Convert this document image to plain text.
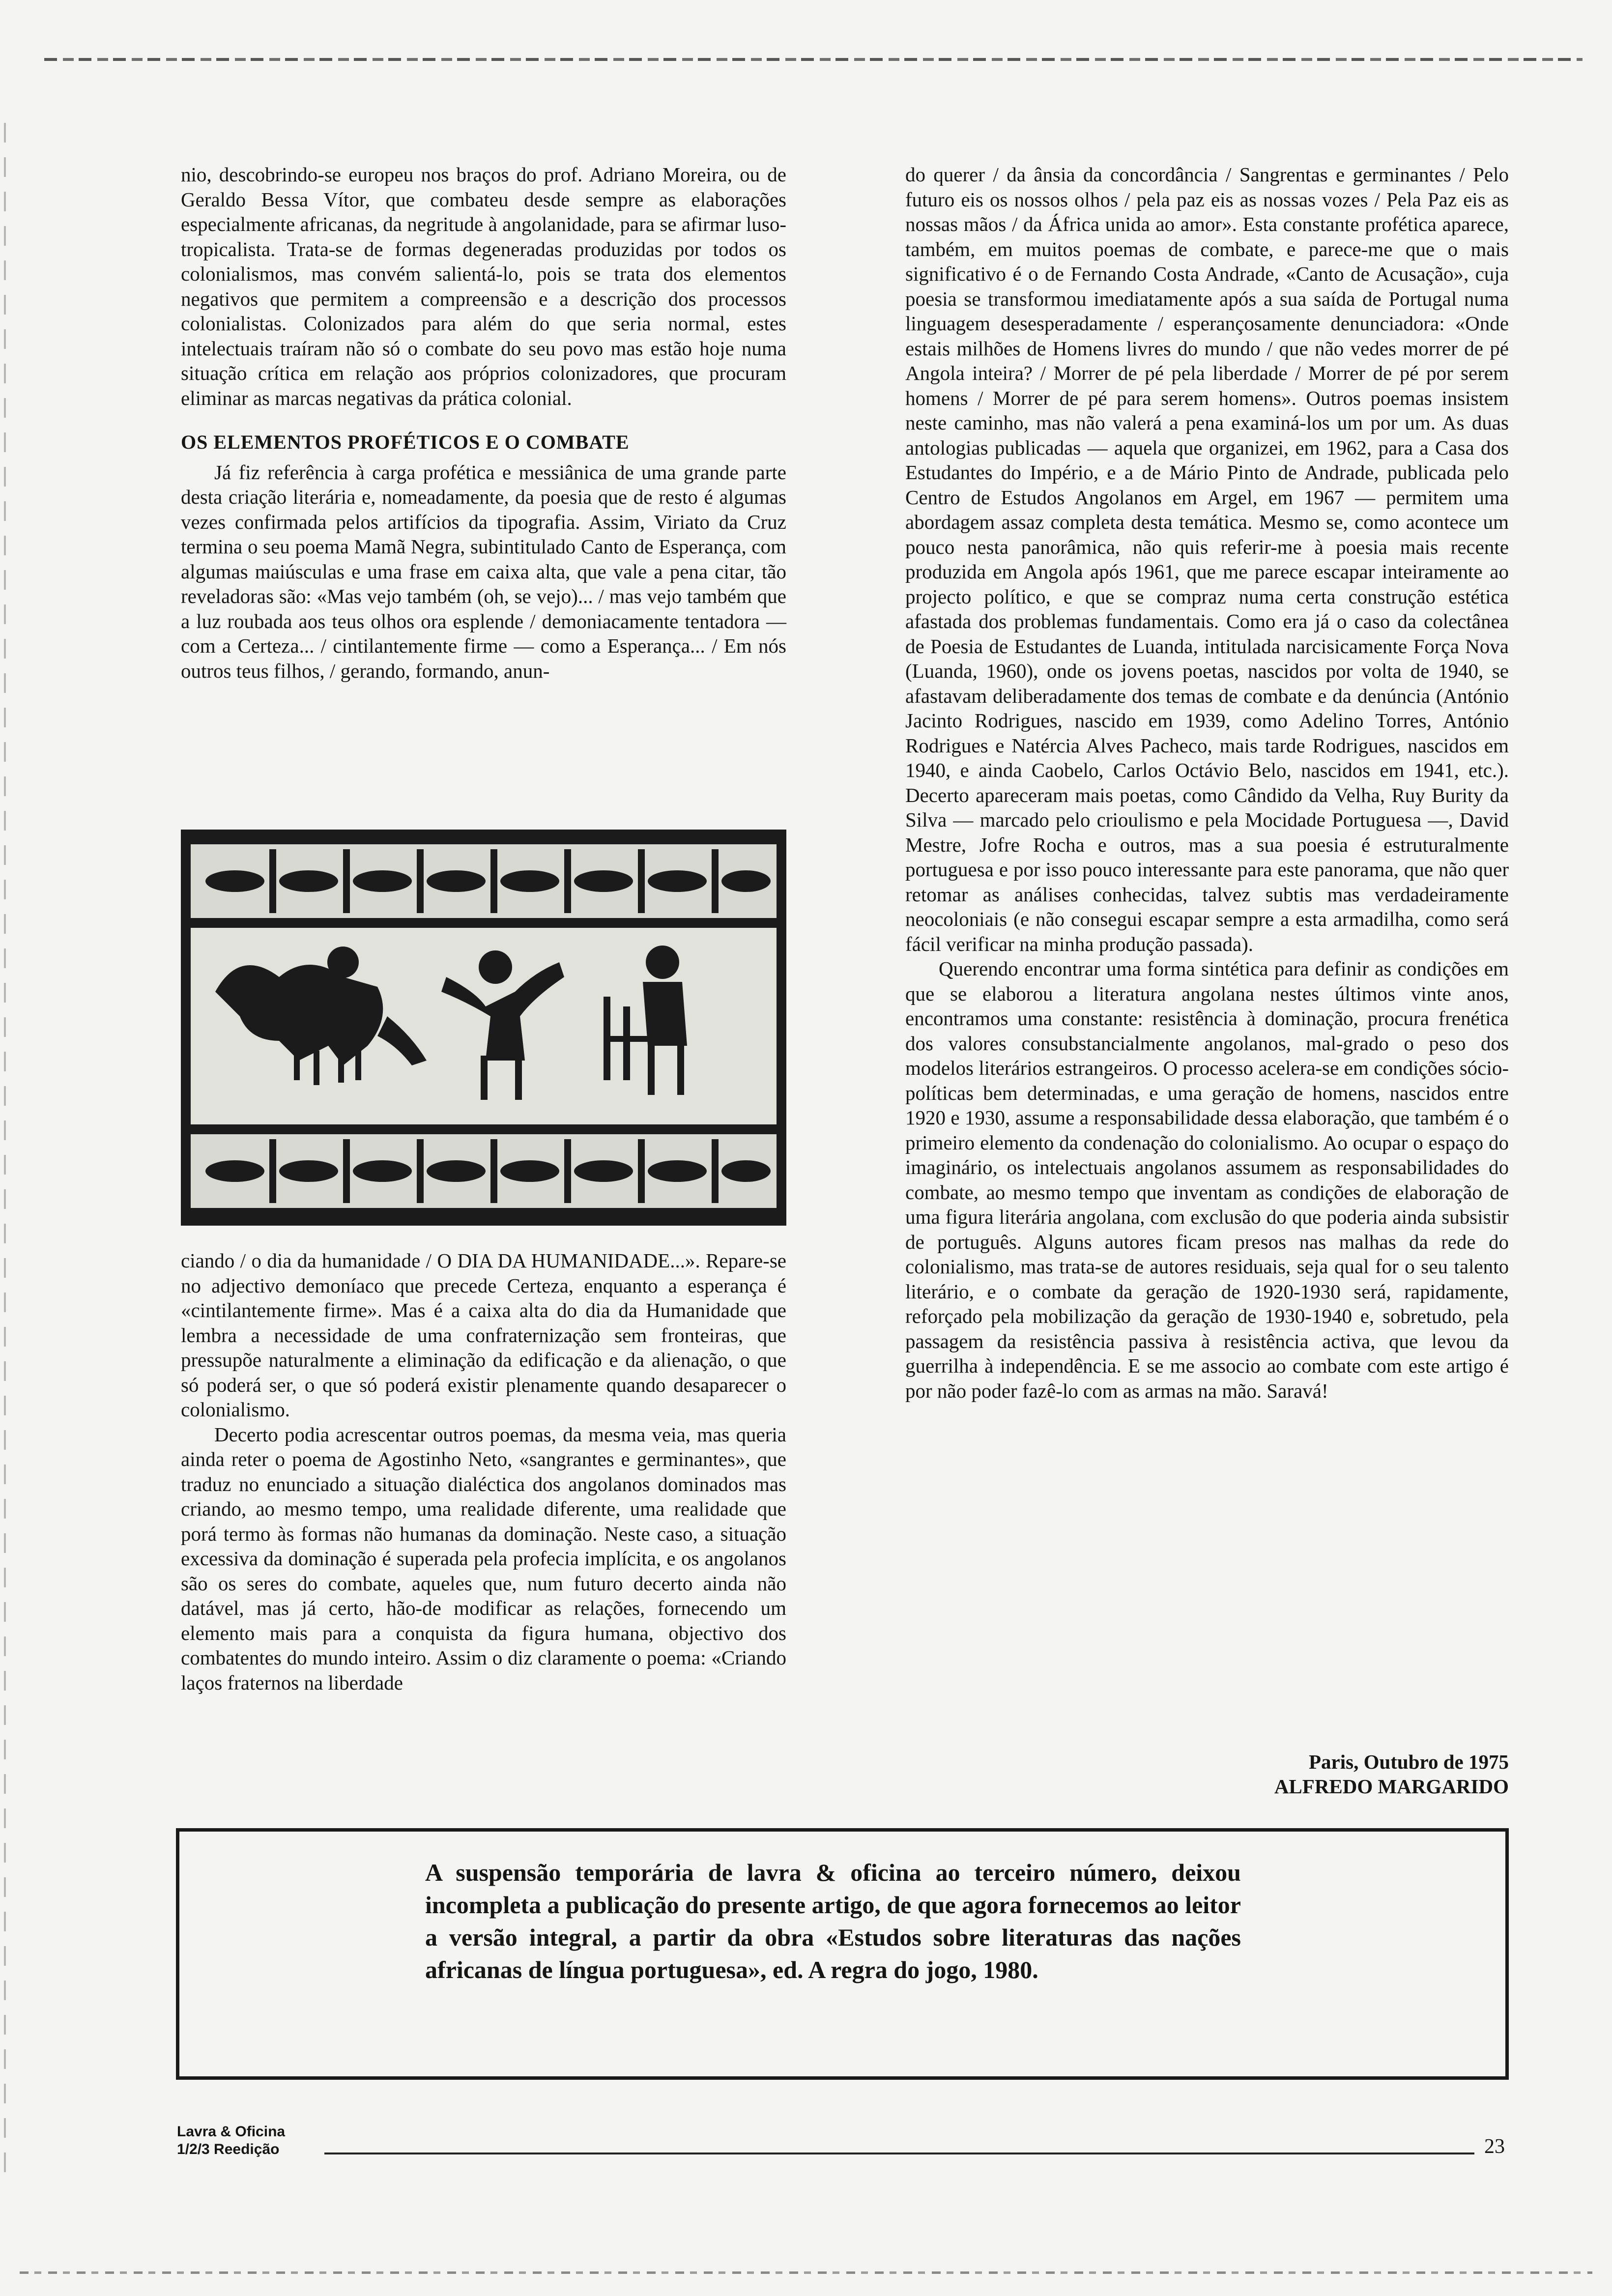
nio, descobrindo-se europeu nos braços do prof. Adriano Moreira, ou de Geraldo Bessa Vítor, que combateu desde sempre as elaborações especialmente africanas, da negritude à angolanidade, para se afirmar luso-tropicalista. Trata-se de formas degeneradas produzidas por todos os colonialismos, mas convém salientá-lo, pois se trata dos elementos negativos que permitem a compreensão e a descrição dos processos colonialistas. Colonizados para além do que seria normal, estes intelectuais traíram não só o combate do seu povo mas estão hoje numa situação crítica em relação aos próprios colonizadores, que procuram eliminar as marcas negativas da prática colonial.

OS ELEMENTOS PROFÉTICOS E O COMBATE

Já fiz referência à carga profética e messiânica de uma grande parte desta criação literária e, nomeadamente, da poesia que de resto é algumas vezes confirmada pelos artifícios da tipografia. Assim, Viriato da Cruz termina o seu poema Mamã Negra, subintitulado Canto de Esperança, com algumas maiúsculas e uma frase em caixa alta, que vale a pena citar, tão reveladoras são: «Mas vejo também (oh, se vejo)... / mas vejo também que a luz roubada aos teus olhos ora esplende / demoniacamente tentadora — com a Certeza... / cintilantemente firme — como a Esperança... / Em nós outros teus filhos, / gerando, formando, anun-

ciando / o dia da humanidade / O DIA DA HUMANIDADE...». Repare-se no adjectivo demoníaco que precede Certeza, enquanto a esperança é «cintilantemente firme». Mas é a caixa alta do dia da Humanidade que lembra a necessidade de uma confraternização sem fronteiras, que pressupõe naturalmente a eliminação da edificação e da alienação, o que só poderá ser, o que só poderá existir plenamente quando desaparecer o colonialismo.

Decerto podia acrescentar outros poemas, da mesma veia, mas queria ainda reter o poema de Agostinho Neto, «sangrantes e germinantes», que traduz no enunciado a situação dialéctica dos angolanos dominados mas criando, ao mesmo tempo, uma realidade diferente, uma realidade que porá termo às formas não humanas da dominação. Neste caso, a situação excessiva da dominação é superada pela profecia implícita, e os angolanos são os seres do combate, aqueles que, num futuro decerto ainda não datável, mas já certo, hão-de modificar as relações, fornecendo um elemento mais para a conquista da figura humana, objectivo dos combatentes do mundo inteiro. Assim o diz claramente o poema: «Criando laços fraternos na liberdade

do querer / da ânsia da concordância / Sangrentas e germinantes / Pelo futuro eis os nossos olhos / pela paz eis as nossas vozes / Pela Paz eis as nossas mãos / da África unida ao amor». Esta constante profética aparece, também, em muitos poemas de combate, e parece-me que o mais significativo é o de Fernando Costa Andrade, «Canto de Acusação», cuja poesia se transformou imediatamente após a sua saída de Portugal numa linguagem desesperadamente / esperançosamente denunciadora: «Onde estais milhões de Homens livres do mundo / que não vedes morrer de pé Angola inteira? / Morrer de pé pela liberdade / Morrer de pé por serem homens / Morrer de pé para serem homens». Outros poemas insistem neste caminho, mas não valerá a pena examiná-los um por um. As duas antologias publicadas — aquela que organizei, em 1962, para a Casa dos Estudantes do Império, e a de Mário Pinto de Andrade, publicada pelo Centro de Estudos Angolanos em Argel, em 1967 — permitem uma abordagem assaz completa desta temática. Mesmo se, como acontece um pouco nesta panorâmica, não quis referir-me à poesia mais recente produzida em Angola após 1961, que me parece escapar inteiramente ao projecto político, e que se compraz numa certa construção estética afastada dos problemas fundamentais. Como era já o caso da colectânea de Poesia de Estudantes de Luanda, intitulada narcisicamente Força Nova (Luanda, 1960), onde os jovens poetas, nascidos por volta de 1940, se afastavam deliberadamente dos temas de combate e da denúncia (António Jacinto Rodrigues, nascido em 1939, como Adelino Torres, António Rodrigues e Natércia Alves Pacheco, mais tarde Rodrigues, nascidos em 1940, e ainda Caobelo, Carlos Octávio Belo, nascidos em 1941, etc.). Decerto apareceram mais poetas, como Cândido da Velha, Ruy Burity da Silva — marcado pelo crioulismo e pela Mocidade Portuguesa —, David Mestre, Jofre Rocha e outros, mas a sua poesia é estruturalmente portuguesa e por isso pouco interessante para este panorama, que não quer retomar as análises conhecidas, talvez subtis mas verdadeiramente neocoloniais (e não consegui escapar sempre a esta armadilha, como será fácil verificar na minha produção passada).

Querendo encontrar uma forma sintética para definir as condições em que se elaborou a literatura angolana nestes últimos vinte anos, encontramos uma constante: resistência à dominação, procura frenética dos valores consubstancialmente angolanos, mal-grado o peso dos modelos literários estrangeiros. O processo acelera-se em condições sócio-políticas bem determinadas, e uma geração de homens, nascidos entre 1920 e 1930, assume a responsabilidade dessa elaboração, que também é o primeiro elemento da condenação do colonialismo. Ao ocupar o espaço do imaginário, os intelectuais angolanos assumem as responsabilidades do combate, ao mesmo tempo que inventam as condições de elaboração de uma figura literária angolana, com exclusão do que poderia ainda subsistir de português. Alguns autores ficam presos nas malhas da rede do colonialismo, mas trata-se de autores residuais, seja qual for o seu talento literário, e o combate da geração de 1920-1930 será, rapidamente, reforçado pela mobilização da geração de 1930-1940 e, sobretudo, pela passagem da resistência passiva à resistência activa, que levou da guerrilha à independência. E se me associo ao combate com este artigo é por não poder fazê-lo com as armas na mão. Saravá!

Paris, Outubro de 1975
ALFREDO MARGARIDO
A suspensão temporária de lavra & oficina ao terceiro número, deixou incompleta a publicação do presente artigo, de que agora fornecemos ao leitor a versão integral, a partir da obra «Estudos sobre literaturas das nações africanas de língua portuguesa», ed. A regra do jogo, 1980.
Lavra & Oficina
1/2/3 Reedição	23
